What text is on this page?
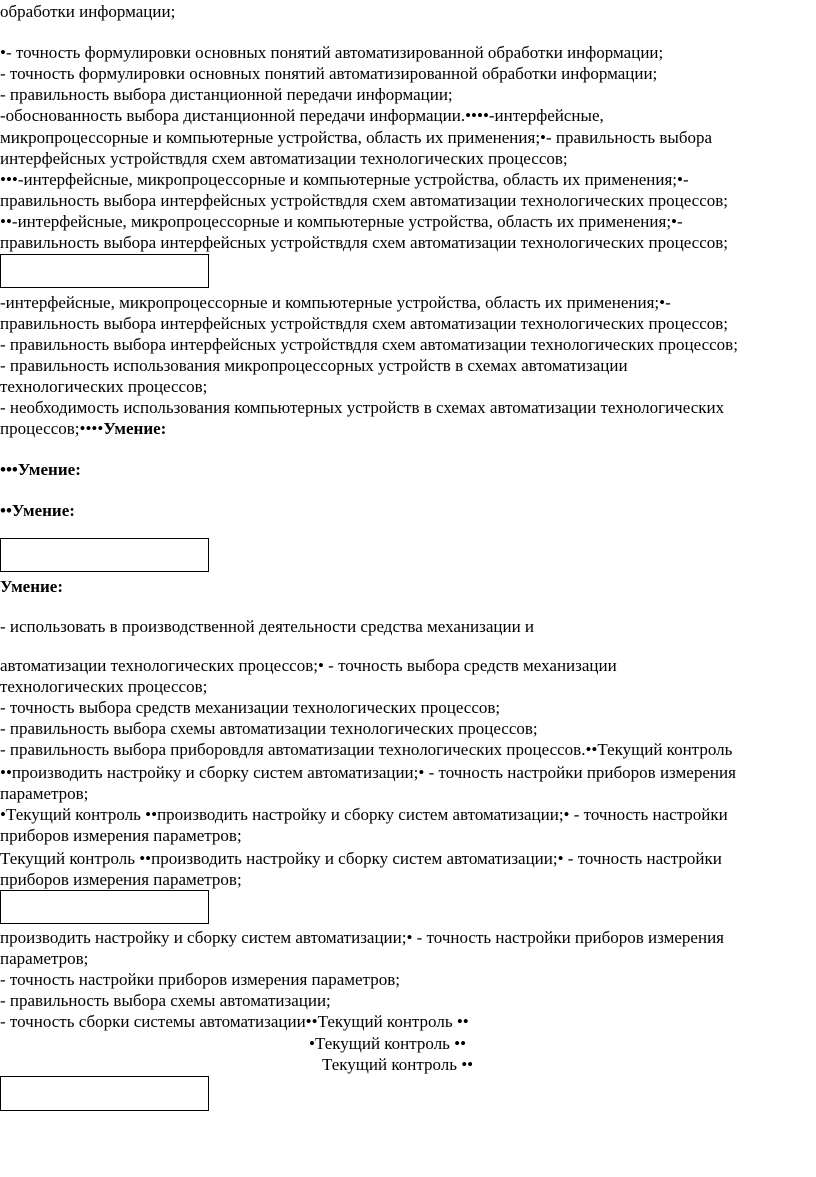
обработки информации;
•- точность формулировки основных понятий автоматизированной обработки информации;
- точность формулировки основных понятий автоматизированной обработки информации;
- правильность выбора дистанционной передачи информации;
-обоснованность выбора дистанционной передачи информации.••••-интерфейсные,
микропроцессорные и компьютерные устройства, область их применения;•- правильность выбора
интерфейсных устройствдля схем автоматизации технологических процессов;
•••-интерфейсные, микропроцессорные и компьютерные устройства, область их применения;•-
правильность выбора интерфейсных устройствдля схем автоматизации технологических процессов;
••-интерфейсные, микропроцессорные и компьютерные устройства, область их применения;•-
правильность выбора интерфейсных устройствдля схем автоматизации технологических процессов;
-интерфейсные, микропроцессорные и компьютерные устройства, область их применения;•-
правильность выбора интерфейсных устройствдля схем автоматизации технологических процессов;
- правильность выбора интерфейсных устройствдля схем автоматизации технологических процессов;
- правильность использования микропроцессорных устройств в схемах автоматизации
технологических процессов;
- необходимость использования компьютерных устройств в схемах автоматизации технологических
процессов;••••Умение:
•••Умение:
••Умение:
Умение:
- использовать в производственной деятельности средства механизации и
автоматизации технологических процессов;• - точность выбора средств механизации
технологических процессов;
- точность выбора средств механизации технологических процессов;
- правильность выбора схемы автоматизации технологических процессов;
- правильность выбора приборовдля автоматизации технологических процессов.••Текущий контроль
••производить настройку и сборку систем автоматизации;• - точность настройки приборов измерения
параметров;
•Текущий контроль ••производить настройку и сборку систем автоматизации;• - точность настройки
приборов измерения параметров;
Текущий контроль ••производить настройку и сборку систем автоматизации;• - точность настройки
приборов измерения параметров;
производить настройку и сборку систем автоматизации;• - точность настройки приборов измерения
параметров;
- точность настройки приборов измерения параметров;
- правильность выбора схемы автоматизации;
- точность сборки системы автоматизации••Текущий контроль ••
•Текущий контроль ••
Текущий контроль ••
